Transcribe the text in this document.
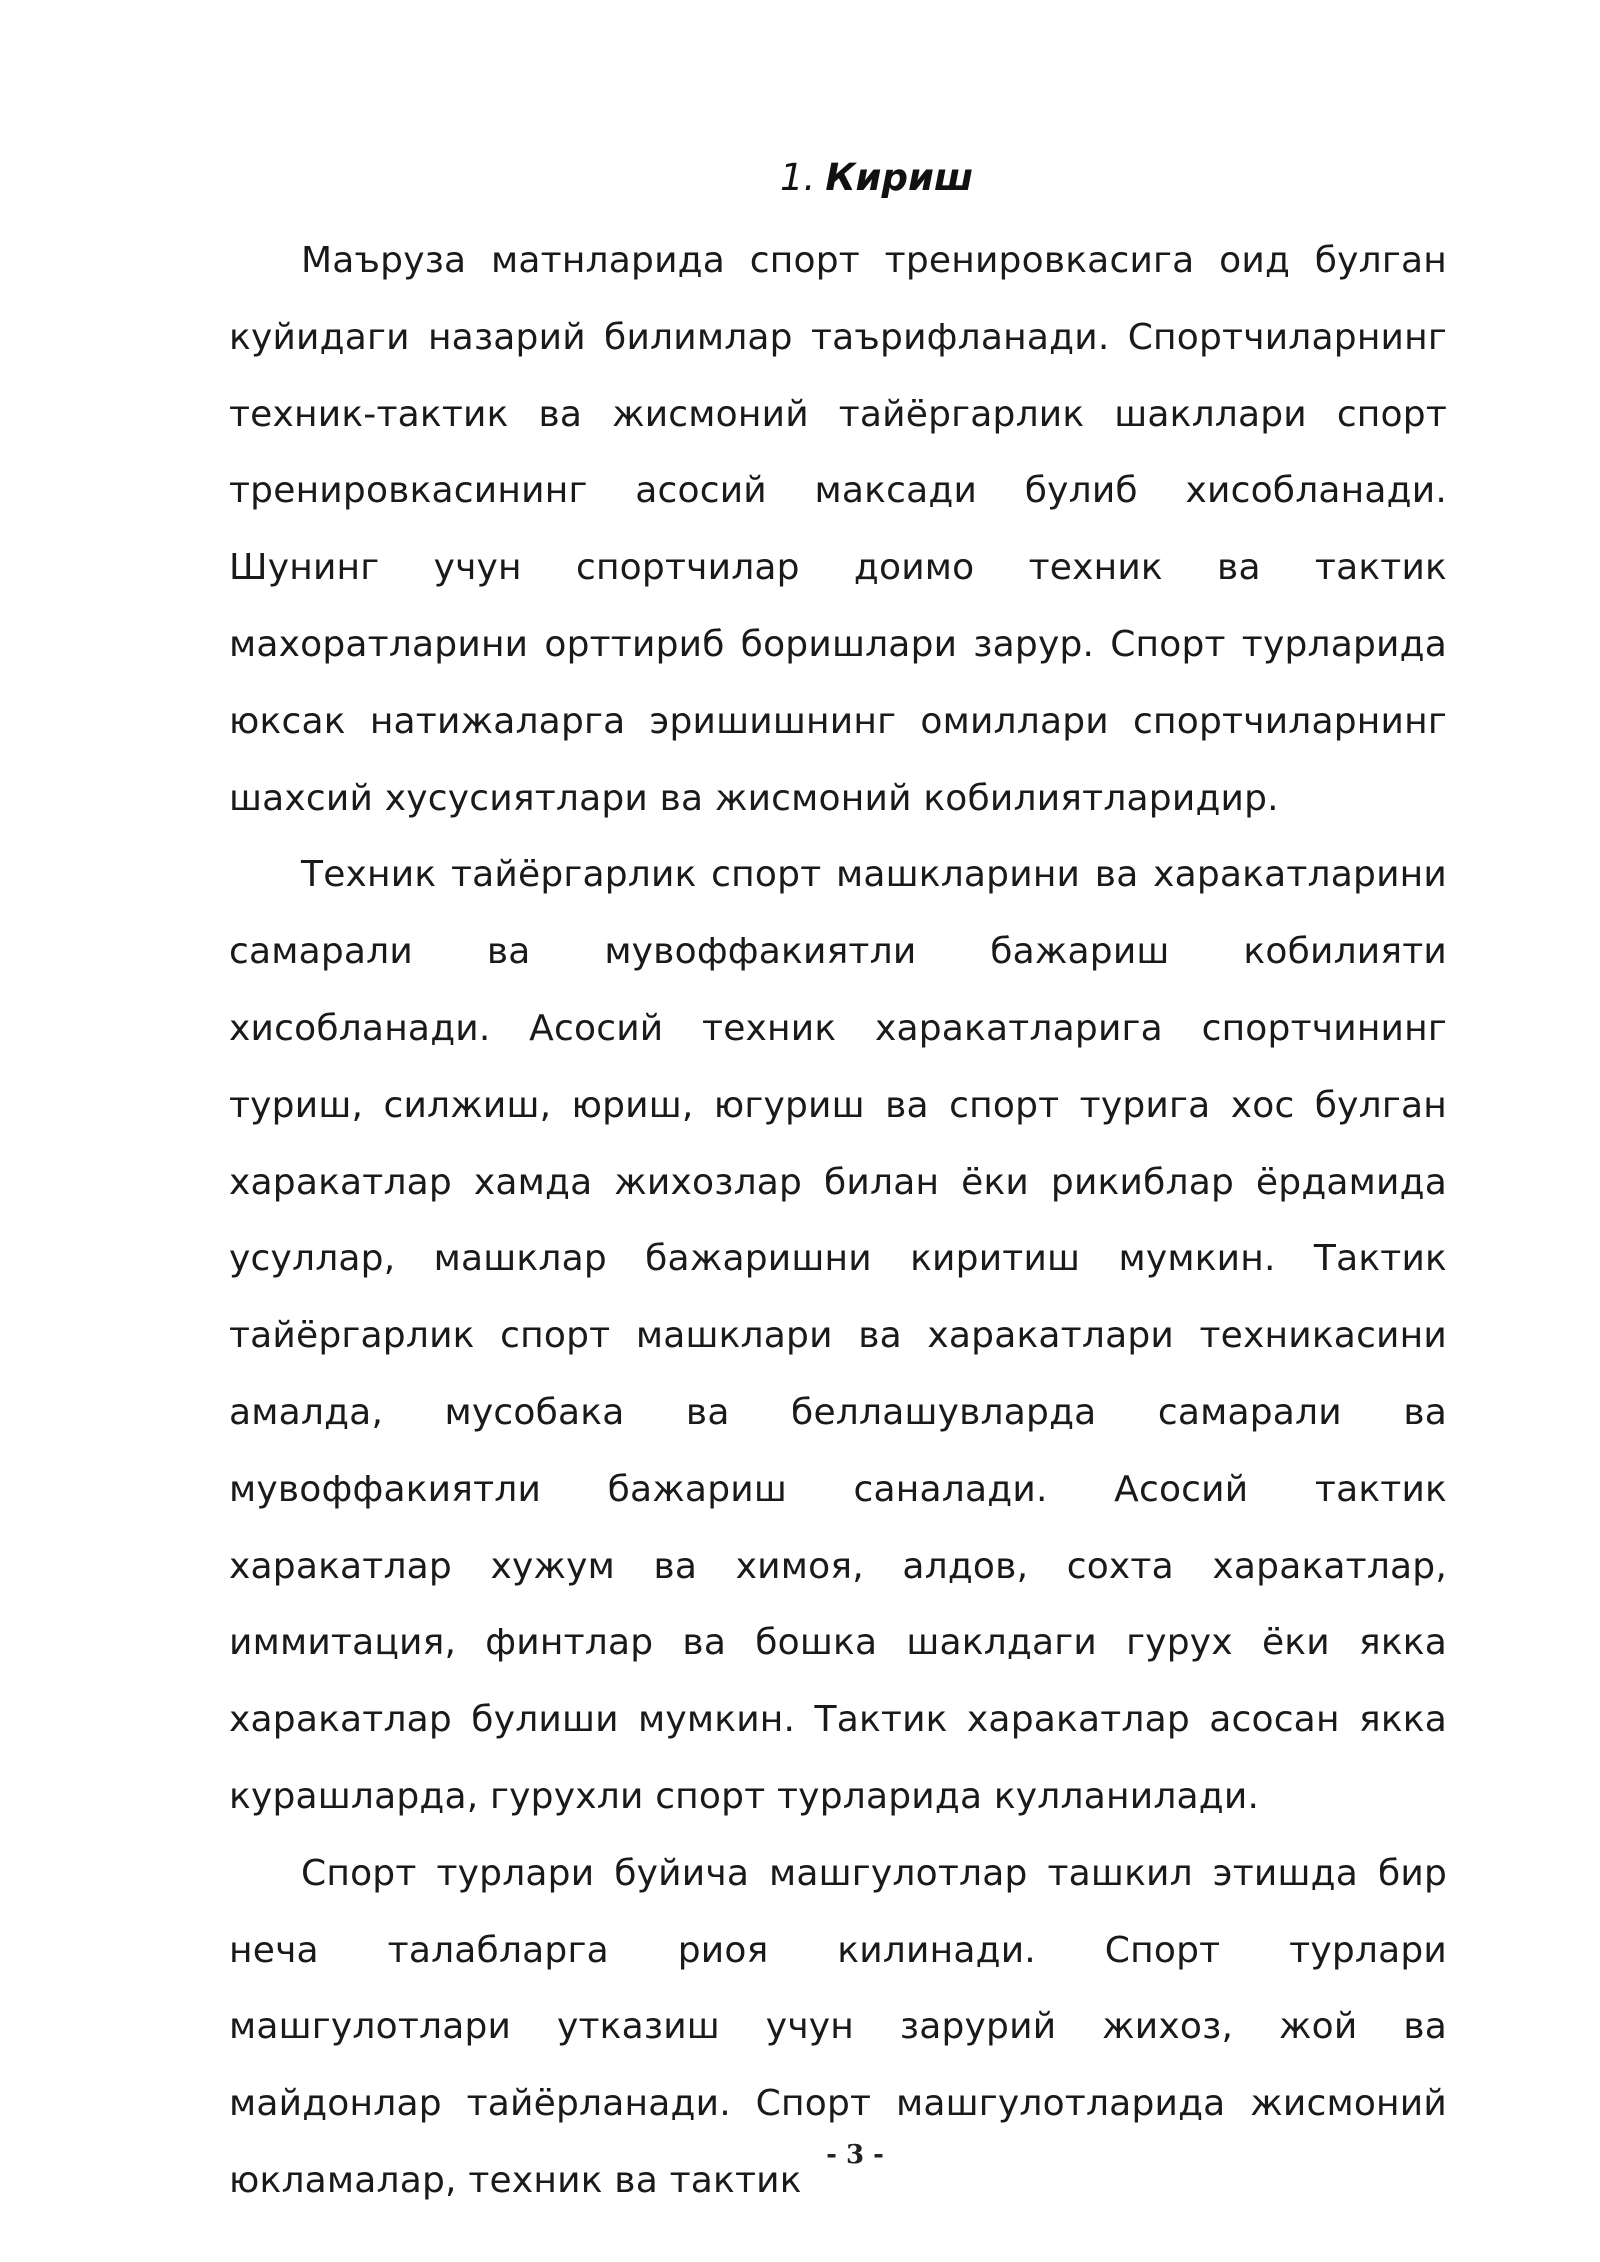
1. Кириш

Маъруза матнларида спорт тренировкасига оид булган куйидаги назарий билимлар таърифланади. Спортчиларнинг техник-тактик ва жисмоний тайёргарлик шакллари спорт тренировкасининг асосий максади булиб хисобланади. Шунинг учун спортчилар доимо техник ва тактик махоратларини орттириб боришлари зарур. Спорт турларида юксак натижаларга эришишнинг омиллари спортчиларнинг шахсий хусусиятлари ва жисмоний кобилиятларидир.

Техник тайёргарлик спорт машкларини ва харакатларини самарали ва мувоффакиятли бажариш кобилияти хисобланади. Асосий техник харакатларига спортчининг туриш, силжиш, юриш, югуриш ва спорт турига хос булган харакатлар хамда жихозлар билан ёки рикиблар ёрдамида усуллар, машклар бажаришни киритиш мумкин. Тактик тайёргарлик спорт машклари ва харакатлари техникасини амалда, мусобака ва беллашувларда самарали ва мувоффакиятли бажариш саналади. Асосий тактик харакатлар хужум ва химоя, алдов, сохта харакатлар, иммитация, финтлар ва бошка шаклдаги гурух ёки якка харакатлар булиши мумкин. Тактик харакатлар асосан якка курашларда, гурухли спорт турларида кулланилади.

Спорт турлари буйича машгулотлар ташкил этишда бир неча талабларга риоя килинади. Спорт турлари машгулотлари утказиш учун зарурий жихоз, жой ва майдонлар тайёрланади. Спорт машгулотларида жисмоний юкламалар, техник ва тактик

- 3 -
